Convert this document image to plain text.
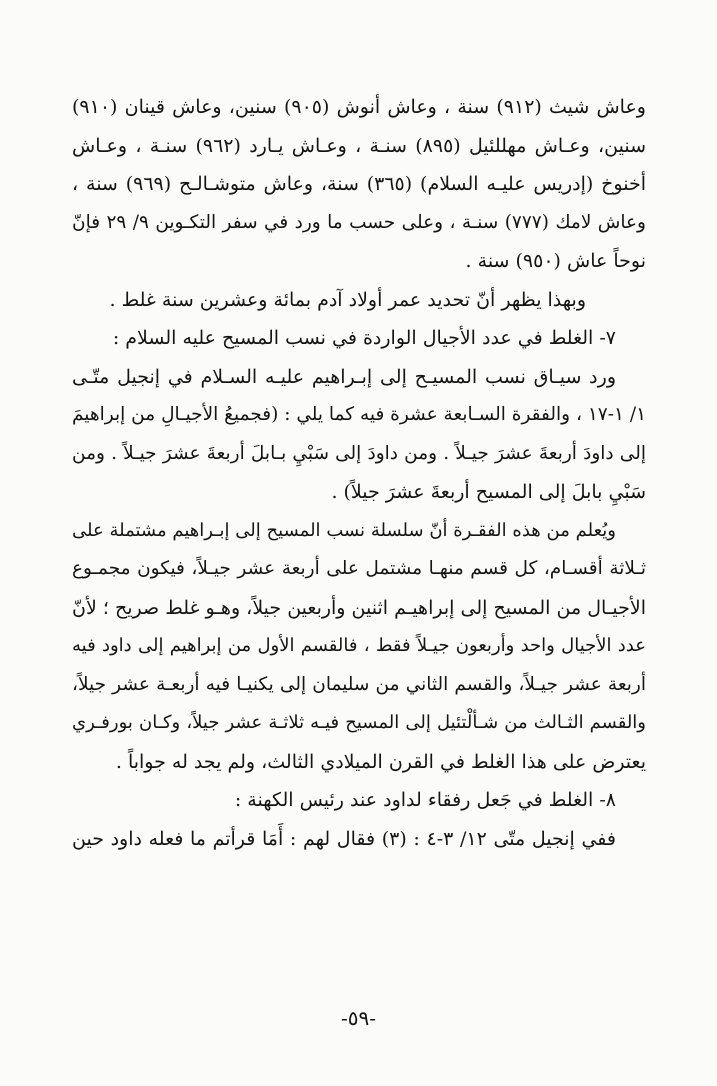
وعاش شيث (٩١٢) سنة ، وعاش أنوش (٩٠٥) سنين، وعاش قينان (٩١٠)
سنين، وعـاش مهللئيل (٨٩٥) سنـة ، وعـاش يـارد (٩٦٢) سنـة ، وعـاش
أخنوخ (إدريس عليـه السلام) (٣٦٥) سنة، وعاش متوشـالـح (٩٦٩) سنة ،
وعاش لامك (٧٧٧) سنـة ، وعلى حسب ما ورد في سفر التكـوين ٩/ ٢٩ فإنّ
نوحاً عاش (٩٥٠) سنة .
وبهذا يظهر أنّ تحديد عمر أولاد آدم بمائة وعشرين سنة غلط .
٧- الغلط في عدد الأجيال الواردة في نسب المسيح عليه السلام :
ورد سيـاق نسب المسيـح إلى إبـراهيم عليـه السـلام في إنجيل متّـى
١/ ١-١٧ ، والفقرة السـابعة عشرة فيه كما يلي : (فجميعُ الأجيـالِ من إبراهيمَ
إلى داودَ أربعةَ عشرَ جيـلاً . ومن داودَ إلى سَبْيِ بـابلَ أربعةَ عشرَ جيـلاً . ومن
سَبْيِ بابلَ إلى المسيح أربعةَ عشرَ جيلاً) .
ويُعلم من هذه الفقـرة أنّ سلسلة نسب المسيح إلى إبـراهيم مشتملة على
ثـلاثة أقسـام، كل قسم منهـا مشتمل على أربعة عشر جيـلاً، فيكون مجمـوع
الأجيـال من المسيح إلى إبراهيـم اثنين وأربعين جيلاً، وهـو غلط صريح ؛ لأنّ
عدد الأجيال واحد وأربعون جيـلاً فقط ، فالقسم الأول من إبراهيم إلى داود فيه
أربعة عشر جيـلاً، والقسم الثاني من سليمان إلى يكنيـا فيه أربعـة عشر جيلاً،
والقسم الثـالث من شـألْتئيل إلى المسيح فيـه ثلاثـة عشر جيلاً، وكـان بورفـري
يعترض على هذا الغلط في القرن الميلادي الثالث، ولم يجد له جواباً .
٨- الغلط في جَعل رفقاء لداود عند رئيس الكهنة :
ففي إنجيل متّى ١٢/ ٣-٤ : (٣) فقال لهم : أَمَا قرأتم ما فعله داود حين
-٥٩-
